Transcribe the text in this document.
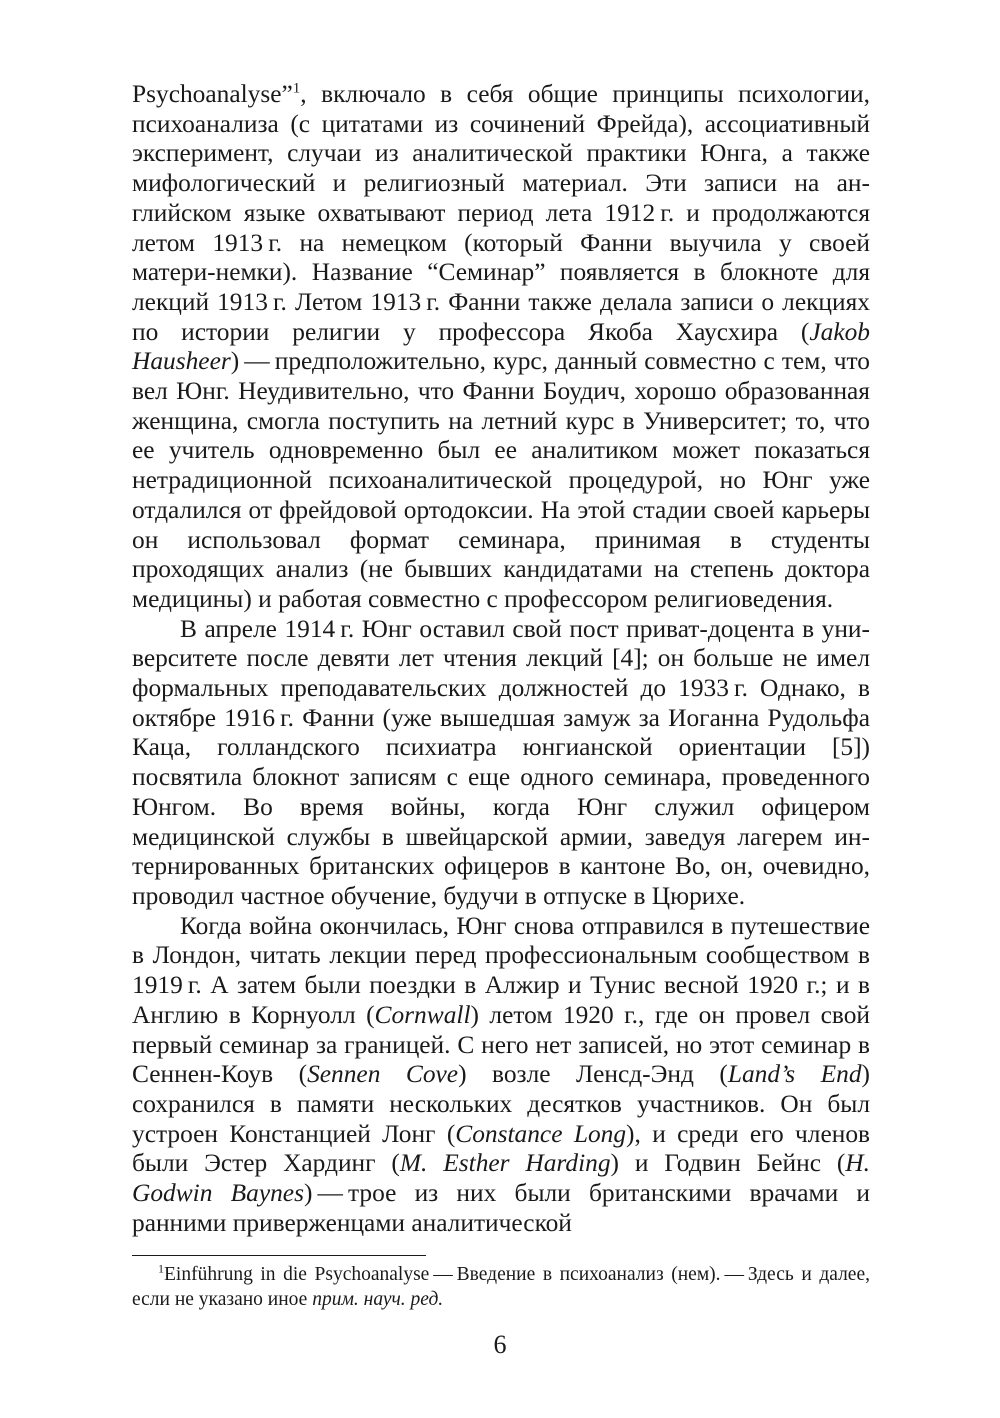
Psychoanalyse”$^1$, включало в себя общие принципы психологии, психоанализа (с цитатами из сочинений Фрейда), ассоциативный эксперимент, случаи из аналитической практики Юнга, а также мифологический и религиозный материал. Эти записи на английском языке охватывают период лета 1912 г. и продолжаются летом 1913 г. на немецком (который Фанни выучила у своей матери-немки). Название “Семинар” появляется в блокноте для лекций 1913 г. Летом 1913 г. Фанни также делала записи о лекциях по истории религии у профессора Якоба Хаусхира (Jakob Hausheer) — предположительно, курс, данный совместно с тем, что вел Юнг. Неудивительно, что Фанни Боудич, хорошо образованная женщина, смогла поступить на летний курс в Университет; то, что ее учитель одновременно был ее аналитиком может показаться нетрадиционной психоаналитической процедурой, но Юнг уже отдалился от фрейдовой ортодоксии. На этой стадии своей карьеры он использовал формат семинара, принимая в студенты проходящих анализ (не бывших кандидатами на степень доктора медицины) и работая совместно с профессором религиоведения.

В апреле 1914 г. Юнг оставил свой пост приват-доцента в университете после девяти лет чтения лекций [4]; он больше не имел формальных преподавательских должностей до 1933 г. Однако, в октябре 1916 г. Фанни (уже вышедшая замуж за Иоганна Рудольфа Каца, голландского психиатра юнгианской ориентации [5]) посвятила блокнот записям с еще одного семинара, проведенного Юнгом. Во время войны, когда Юнг служил офицером медицинской службы в швейцарской армии, заведуя лагерем интернированных британских офицеров в кантоне Во, он, очевидно, проводил частное обучение, будучи в отпуске в Цюрихе.

Когда война окончилась, Юнг снова отправился в путешествие в Лондон, читать лекции перед профессиональным сообществом в 1919 г. А затем были поездки в Алжир и Тунис весной 1920 г.; и в Англию в Корнуолл (Cornwall) летом 1920 г., где он провел свой первый семинар за границей. С него нет записей, но этот семинар в Сеннен-Коув (Sennen Cove) возле Ленсд-Энд (Land’s End) сохранился в памяти нескольких десятков участников. Он был устроен Констанцией Лонг (Constance Long), и среди его членов были Эстер Хардинг (M. Esther Harding) и Годвин Бейнс (H. Godwin Baynes) — трое из них были британскими врачами и ранними приверженцами аналитической

$^1$Einführung in die Psychoanalyse — Введение в психоанализ (нем). — Здесь и далее, если не указано иное прим. науч. ред.

6
